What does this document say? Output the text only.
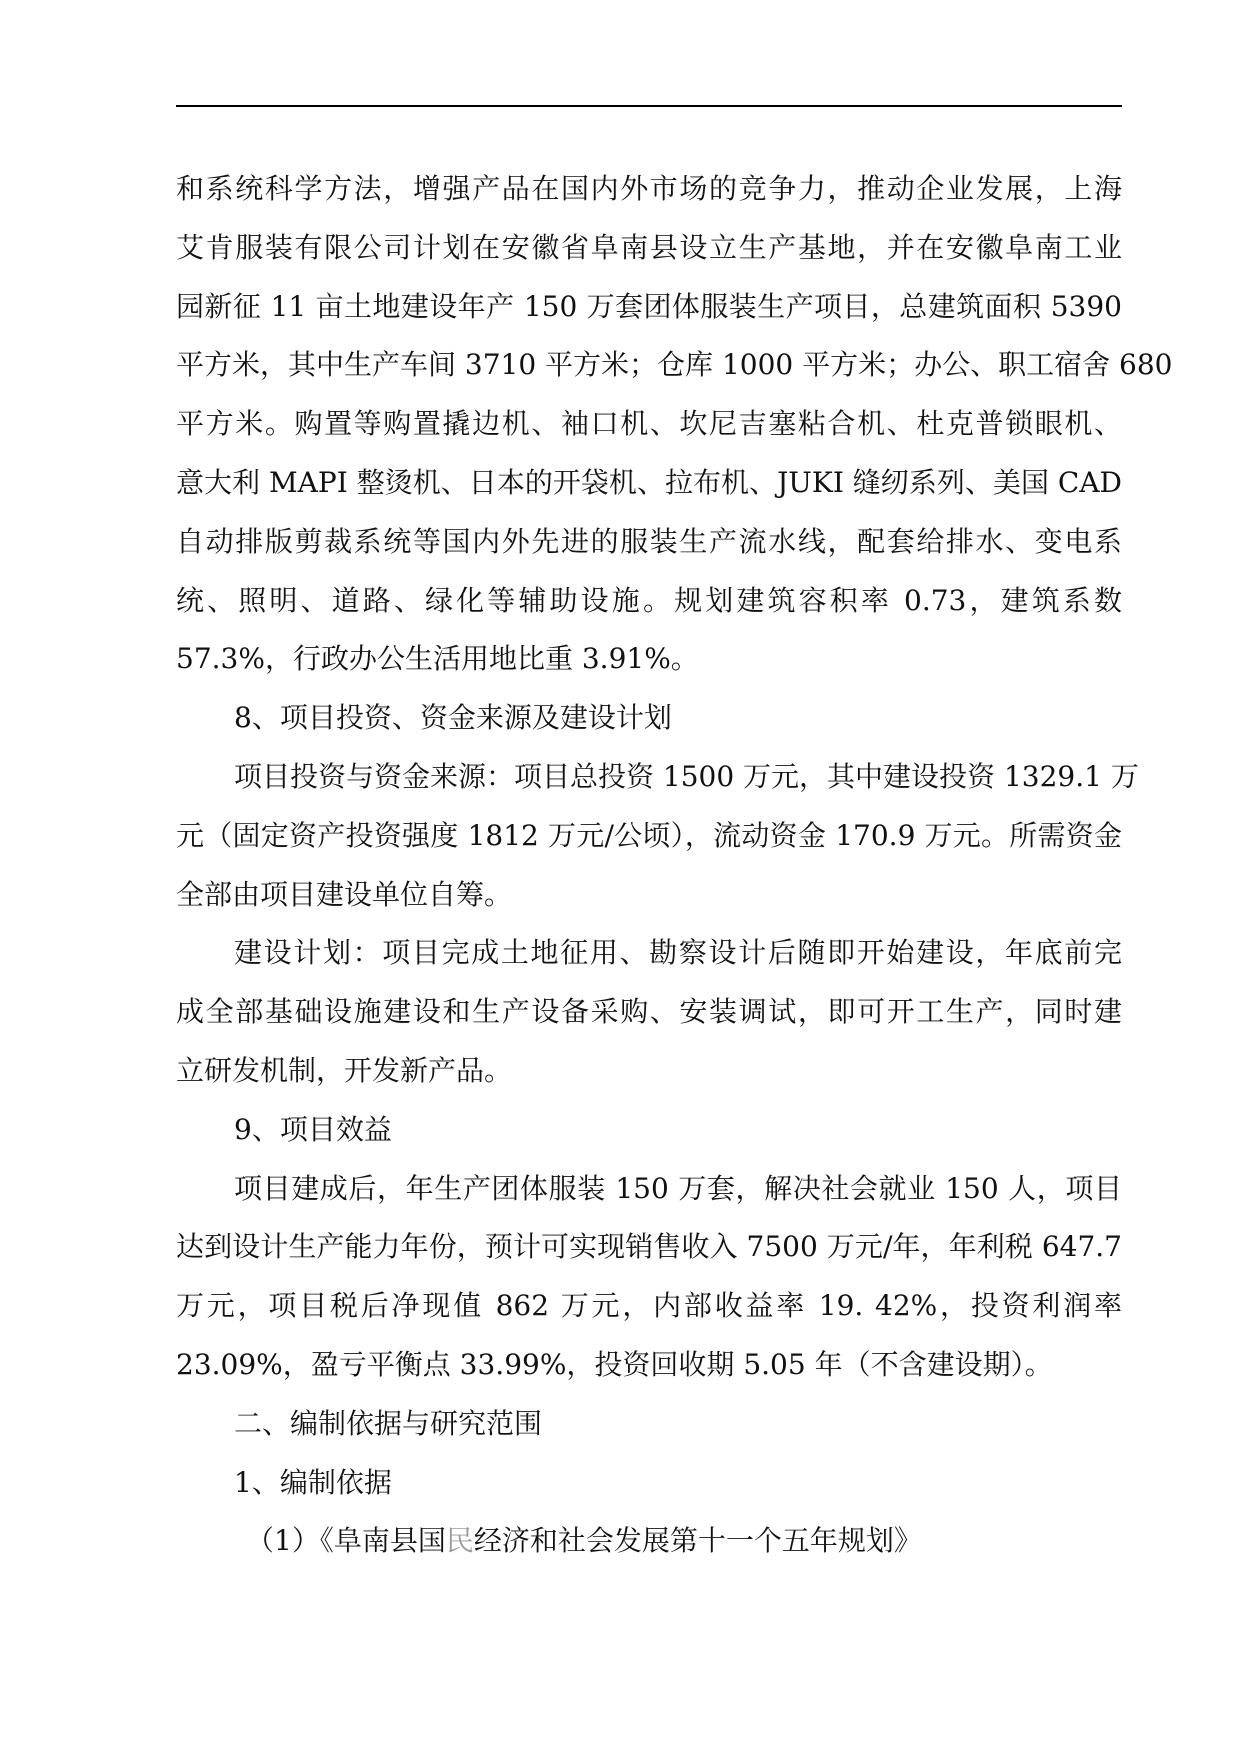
和系统科学方法，增强产品在国内外市场的竞争力，推动企业发展，上海
艾肯服装有限公司计划在安徽省阜南县设立生产基地，并在安徽阜南工业
园新征 11 亩土地建设年产 150 万套团体服装生产项目，总建筑面积 5390
平方米，其中生产车间 3710 平方米；仓库 1000 平方米；办公、职工宿舍 680
平方米。购置等购置撬边机、袖口机、坎尼吉塞粘合机、杜克普锁眼机、
意大利 MAPI 整烫机、日本的开袋机、拉布机、JUKI 缝纫系列、美国 CAD
自动排版剪裁系统等国内外先进的服装生产流水线，配套给排水、变电系
统、照明、道路、绿化等辅助设施。规划建筑容积率 0.73，建筑系数
57.3%，行政办公生活用地比重 3.91%。
8、项目投资、资金来源及建设计划
项目投资与资金来源：项目总投资 1500 万元，其中建设投资 1329.1 万
元（固定资产投资强度 1812 万元/公顷），流动资金 170.9 万元。所需资金
全部由项目建设单位自筹。
建设计划：项目完成土地征用、勘察设计后随即开始建设，年底前完
成全部基础设施建设和生产设备采购、安装调试，即可开工生产，同时建
立研发机制，开发新产品。
9、项目效益
项目建成后，年生产团体服装 150 万套，解决社会就业 150 人，项目
达到设计生产能力年份，预计可实现销售收入 7500 万元/年，年利税 647.7
万元，项目税后净现值 862 万元，内部收益率 19. 42%，投资利润率
23.09%，盈亏平衡点 33.99%，投资回收期 5.05 年（不含建设期）。
二、编制依据与研究范围
1、编制依据
（1）《阜南县国民经济和社会发展第十一个五年规划》
